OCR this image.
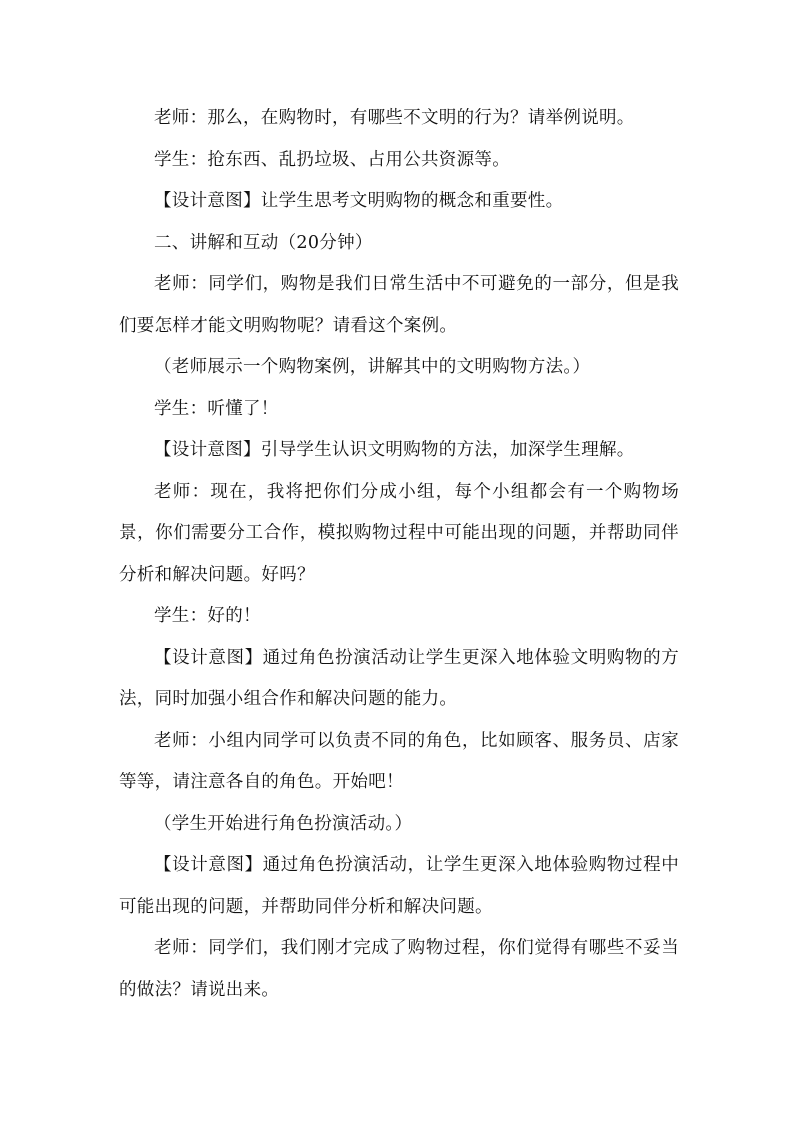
老师：那么，在购物时，有哪些不文明的行为？请举例说明。

学生：抢东西、乱扔垃圾、占用公共资源等。

【设计意图】让学生思考文明购物的概念和重要性。

二、讲解和互动（20分钟）

老师：同学们，购物是我们日常生活中不可避免的一部分，但是我们要怎样才能文明购物呢？请看这个案例。

（老师展示一个购物案例，讲解其中的文明购物方法。）

学生：听懂了！

【设计意图】引导学生认识文明购物的方法，加深学生理解。

老师：现在，我将把你们分成小组，每个小组都会有一个购物场景，你们需要分工合作，模拟购物过程中可能出现的问题，并帮助同伴分析和解决问题。好吗？

学生：好的！

【设计意图】通过角色扮演活动让学生更深入地体验文明购物的方法，同时加强小组合作和解决问题的能力。

老师：小组内同学可以负责不同的角色，比如顾客、服务员、店家等等，请注意各自的角色。开始吧！

（学生开始进行角色扮演活动。）

【设计意图】通过角色扮演活动，让学生更深入地体验购物过程中可能出现的问题，并帮助同伴分析和解决问题。

老师：同学们，我们刚才完成了购物过程，你们觉得有哪些不妥当的做法？请说出来。
